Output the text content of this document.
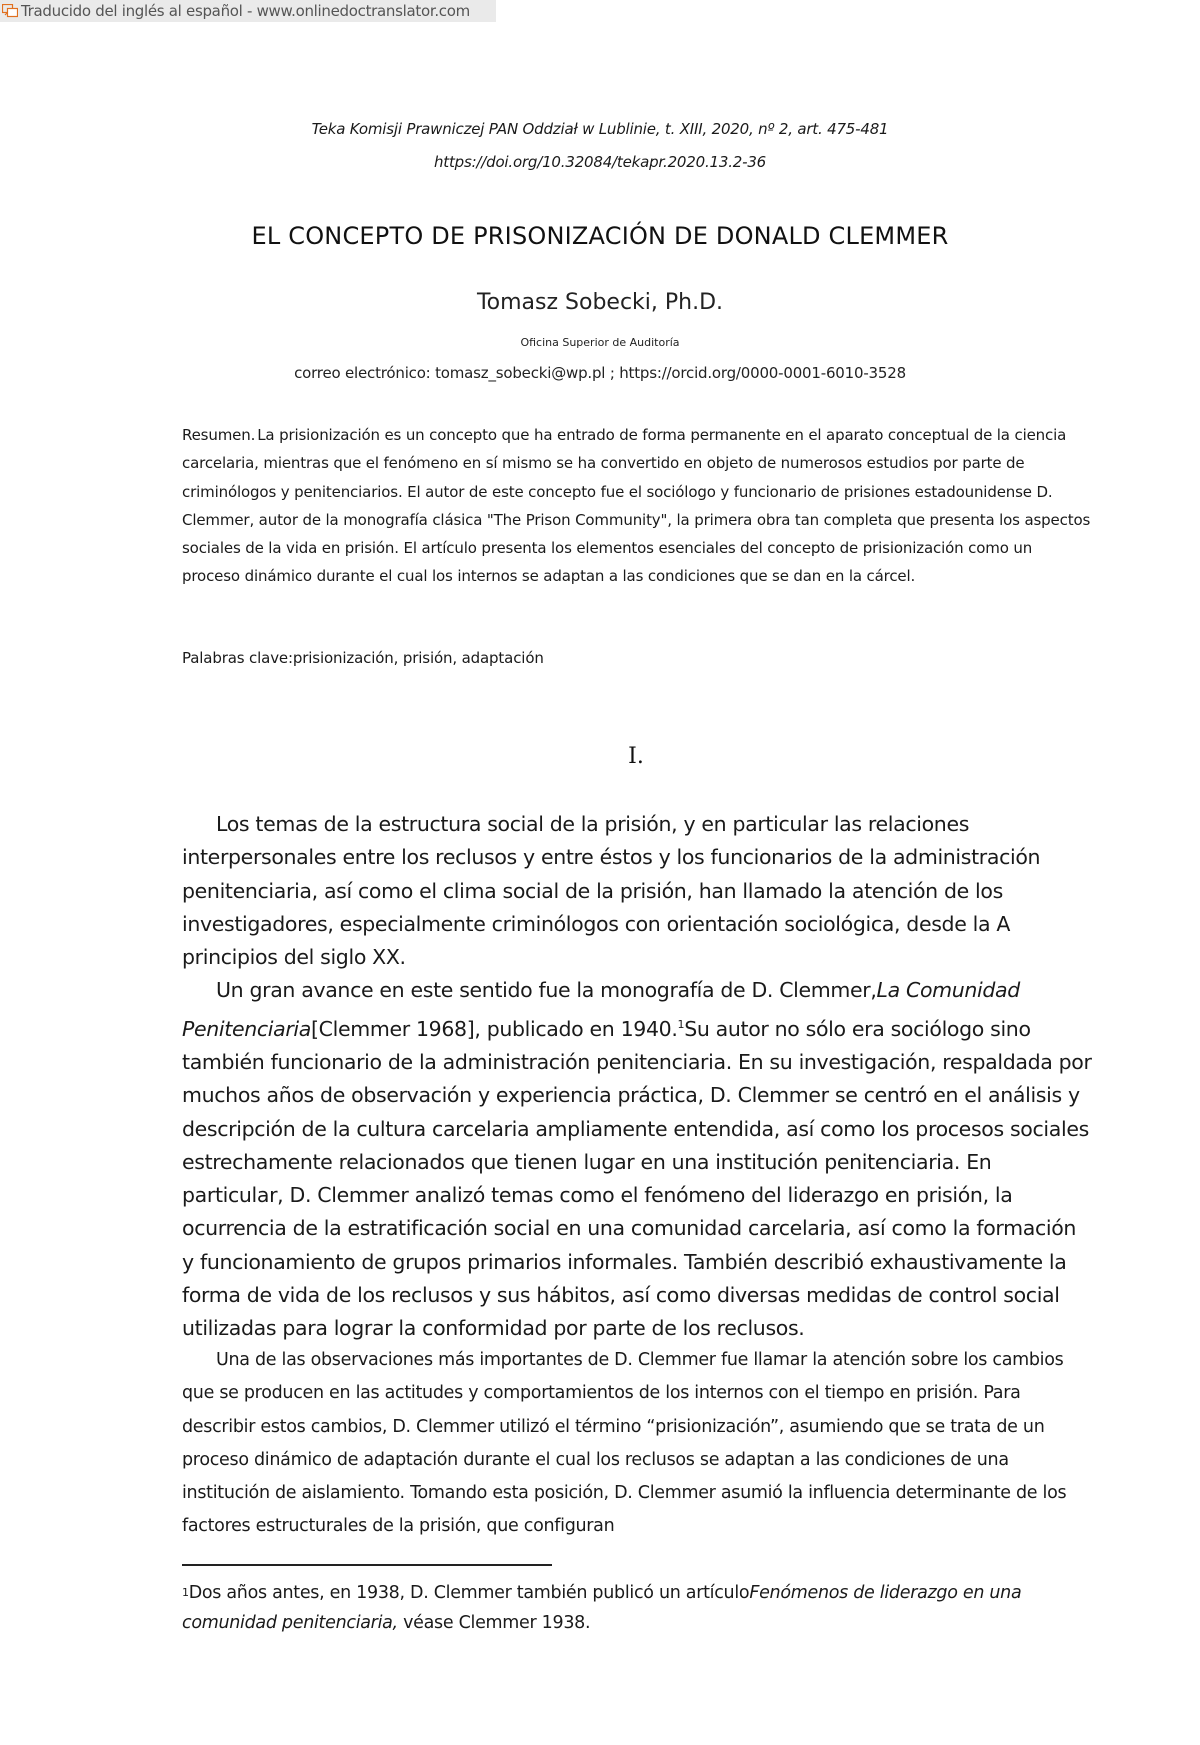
Traducido del inglés al español - www.onlinedoctranslator.com
Teka Komisji Prawniczej PAN Oddział w Lublinie, t. XIII, 2020, nº 2, art. 475-481
https://doi.org/10.32084/tekapr.2020.13.2-36
EL CONCEPTO DE PRISONIZACIÓN DE DONALD CLEMMER
Tomasz Sobecki, Ph.D.
Oficina Superior de Auditoría
correo electrónico: tomasz_sobecki@wp.pl ; https://orcid.org/0000-0001-6010-3528
Resumen. La prisionización es un concepto que ha entrado de forma permanente en el aparato conceptual de la ciencia carcelaria, mientras que el fenómeno en sí mismo se ha convertido en objeto de numerosos estudios por parte de criminólogos y penitenciarios. El autor de este concepto fue el sociólogo y funcionario de prisiones estadounidense D. Clemmer, autor de la monografía clásica "The Prison Community", la primera obra tan completa que presenta los aspectos sociales de la vida en prisión. El artículo presenta los elementos esenciales del concepto de prisionización como un proceso dinámico durante el cual los internos se adaptan a las condiciones que se dan en la cárcel.
Palabras clave:prisionización, prisión, adaptación
I.

Los temas de la estructura social de la prisión, y en particular las relaciones interpersonales entre los reclusos y entre éstos y los funcionarios de la administración penitenciaria, así como el clima social de la prisión, han llamado la atención de los investigadores, especialmente criminólogos con orientación sociológica, desde la A principios del siglo XX.

Un gran avance en este sentido fue la monografía de D. Clemmer,La Comunidad Penitenciaria[Clemmer 1968], publicado en 1940.$^1$Su autor no sólo era sociólogo sino también funcionario de la administración penitenciaria. En su investigación, respaldada por muchos años de observación y experiencia práctica, D. Clemmer se centró en el análisis y descripción de la cultura carcelaria ampliamente entendida, así como los procesos sociales estrechamente relacionados que tienen lugar en una institución penitenciaria. En particular, D. Clemmer analizó temas como el fenómeno del liderazgo en prisión, la ocurrencia de la estratificación social en una comunidad carcelaria, así como la formación y funcionamiento de grupos primarios informales. También describió exhaustivamente la forma de vida de los reclusos y sus hábitos, así como diversas medidas de control social utilizadas para lograr la conformidad por parte de los reclusos.

Una de las observaciones más importantes de D. Clemmer fue llamar la atención sobre los cambios que se producen en las actitudes y comportamientos de los internos con el tiempo en prisión. Para describir estos cambios, D. Clemmer utilizó el término “prisionización”, asumiendo que se trata de un proceso dinámico de adaptación durante el cual los reclusos se adaptan a las condiciones de una institución de aislamiento. Tomando esta posición, D. Clemmer asumió la influencia determinante de los factores estructurales de la prisión, que configuran

$^1$Dos años antes, en 1938, D. Clemmer también publicó un artículoFenómenos de liderazgo en una comunidad penitenciaria, véase Clemmer 1938.
